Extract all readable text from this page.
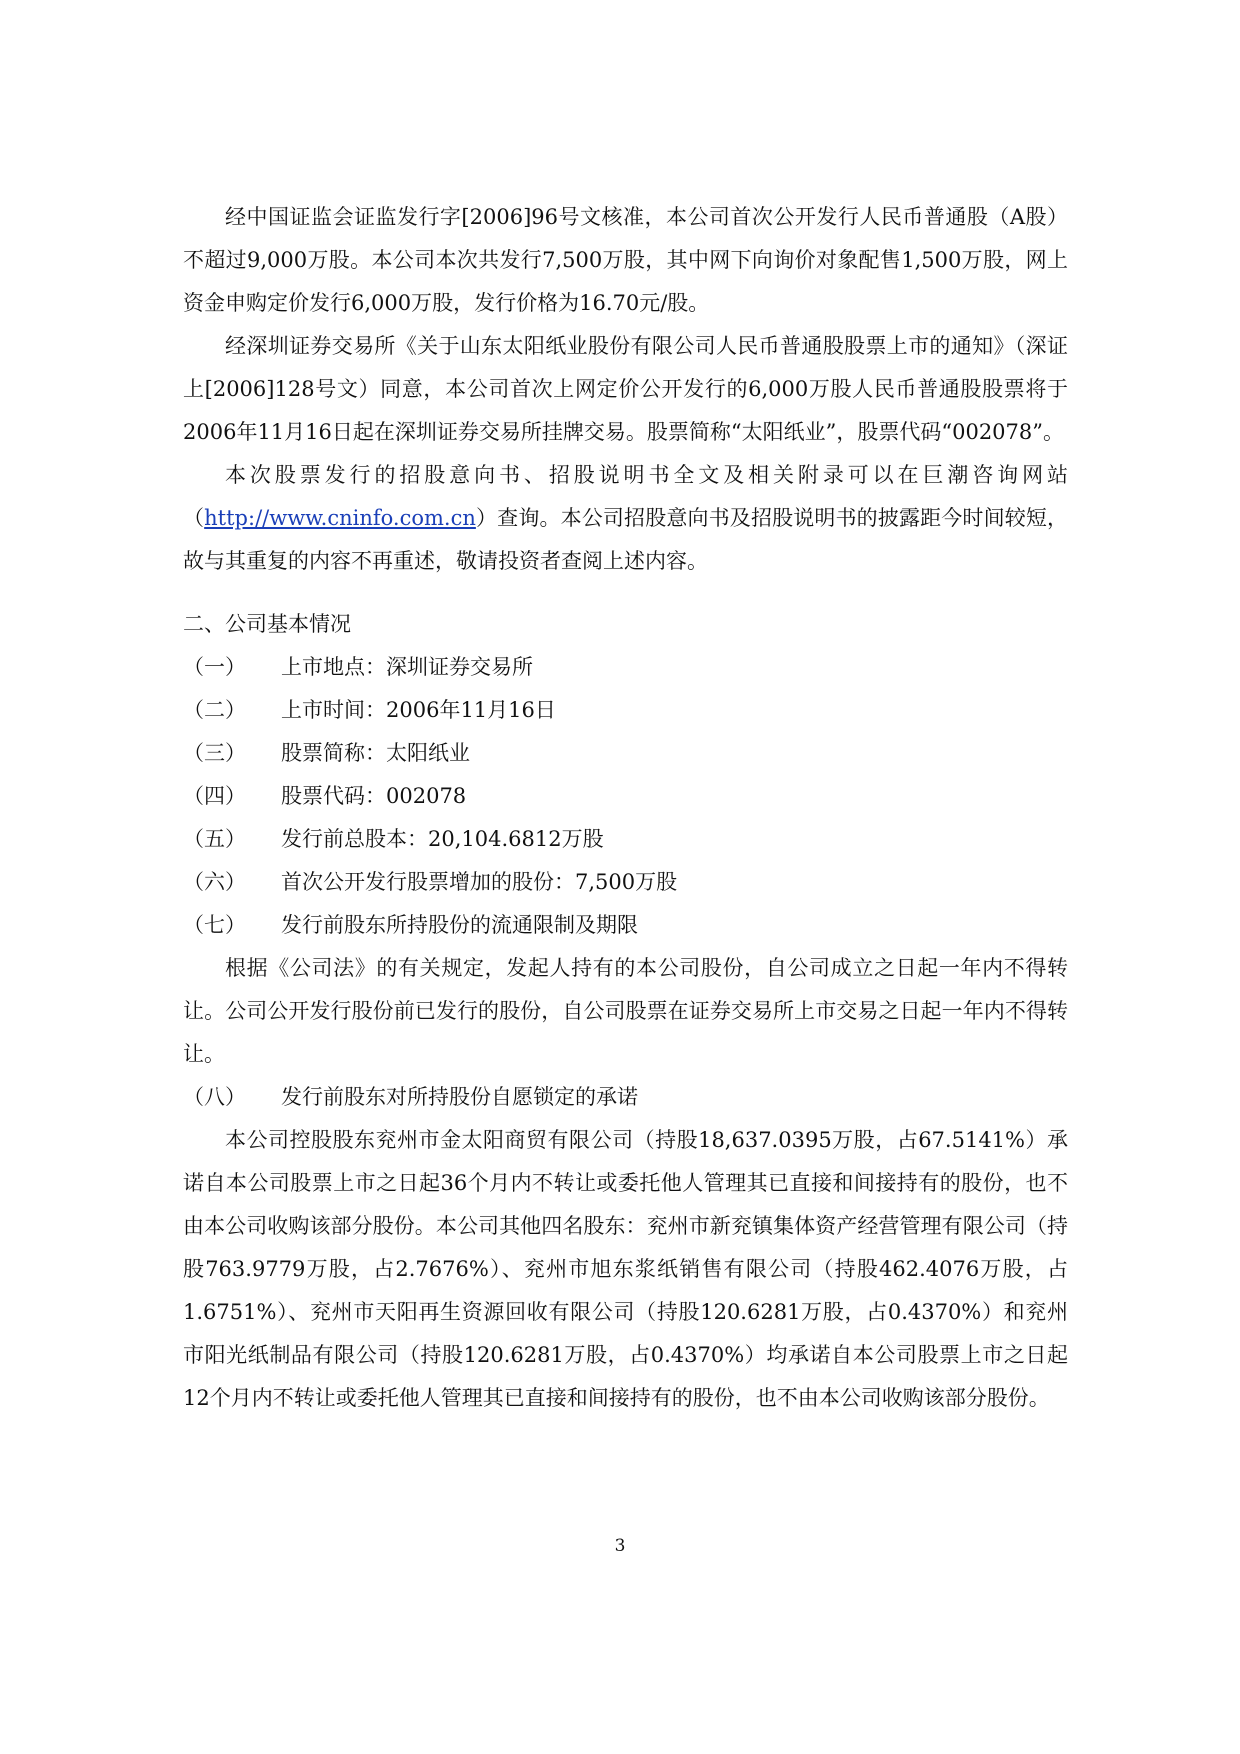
经中国证监会证监发行字[2006]96号文核准，本公司首次公开发行人民币普通股（A股）不超过9,000万股。本公司本次共发行7,500万股，其中网下向询价对象配售1,500万股，网上资金申购定价发行6,000万股，发行价格为16.70元/股。

经深圳证券交易所《关于山东太阳纸业股份有限公司人民币普通股股票上市的通知》（深证上[2006]128号文）同意，本公司首次上网定价公开发行的6,000万股人民币普通股股票将于2006年11月16日起在深圳证券交易所挂牌交易。股票简称“太阳纸业”，股票代码“002078”。

本次股票发行的招股意向书、招股说明书全文及相关附录可以在巨潮咨询网站（http://www.cninfo.com.cn）查询。本公司招股意向书及招股说明书的披露距今时间较短，故与其重复的内容不再重述，敬请投资者查阅上述内容。

二、公司基本情况

（一）	上市地点：深圳证券交易所
（二）	上市时间：2006年11月16日
（三）	股票简称：太阳纸业
（四）	股票代码：002078
（五）	发行前总股本：20,104.6812万股
（六）	首次公开发行股票增加的股份：7,500万股
（七）	发行前股东所持股份的流通限制及期限

根据《公司法》的有关规定，发起人持有的本公司股份，自公司成立之日起一年内不得转让。公司公开发行股份前已发行的股份，自公司股票在证券交易所上市交易之日起一年内不得转让。

（八）	发行前股东对所持股份自愿锁定的承诺

本公司控股股东兖州市金太阳商贸有限公司（持股18,637.0395万股，占67.5141%）承诺自本公司股票上市之日起36个月内不转让或委托他人管理其已直接和间接持有的股份，也不由本公司收购该部分股份。本公司其他四名股东：兖州市新兖镇集体资产经营管理有限公司（持股763.9779万股，占2.7676%）、兖州市旭东浆纸销售有限公司（持股462.4076万股，占1.6751%）、兖州市天阳再生资源回收有限公司（持股120.6281万股，占0.4370%）和兖州市阳光纸制品有限公司（持股120.6281万股，占0.4370%）均承诺自本公司股票上市之日起12个月内不转让或委托他人管理其已直接和间接持有的股份，也不由本公司收购该部分股份。

3
